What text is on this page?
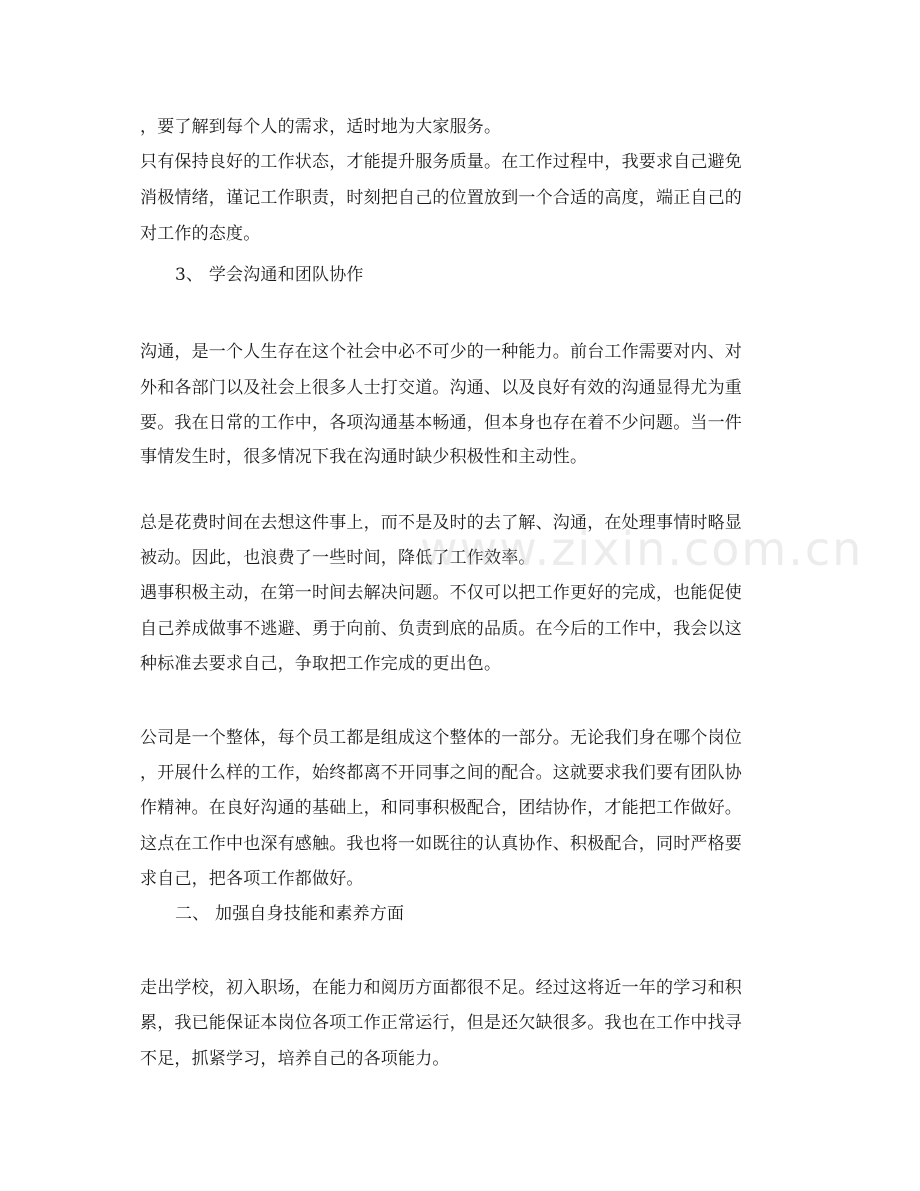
，要了解到每个人的需求，适时地为大家服务。
只有保持良好的工作状态，才能提升服务质量。在工作过程中，我要求自己避免
消极情绪，谨记工作职责，时刻把自己的位置放到一个合适的高度，端正自己的
对工作的态度。
3、 学会沟通和团队协作
沟通，是一个人生存在这个社会中必不可少的一种能力。前台工作需要对内、对
外和各部门以及社会上很多人士打交道。沟通、以及良好有效的沟通显得尤为重
要。我在日常的工作中，各项沟通基本畅通，但本身也存在着不少问题。当一件
事情发生时，很多情况下我在沟通时缺少积极性和主动性。
总是花费时间在去想这件事上，而不是及时的去了解、沟通，在处理事情时略显
被动。因此，也浪费了一些时间，降低了工作效率。
遇事积极主动，在第一时间去解决问题。不仅可以把工作更好的完成，也能促使
自己养成做事不逃避、勇于向前、负责到底的品质。在今后的工作中，我会以这
种标准去要求自己，争取把工作完成的更出色。
公司是一个整体，每个员工都是组成这个整体的一部分。无论我们身在哪个岗位
，开展什么样的工作，始终都离不开同事之间的配合。这就要求我们要有团队协
作精神。在良好沟通的基础上，和同事积极配合，团结协作，才能把工作做好。
这点在工作中也深有感触。我也将一如既往的认真协作、积极配合，同时严格要
求自己，把各项工作都做好。
二、 加强自身技能和素养方面
走出学校，初入职场，在能力和阅历方面都很不足。经过这将近一年的学习和积
累，我已能保证本岗位各项工作正常运行，但是还欠缺很多。我也在工作中找寻
不足，抓紧学习，培养自己的各项能力。
www.zixin.com.cn
